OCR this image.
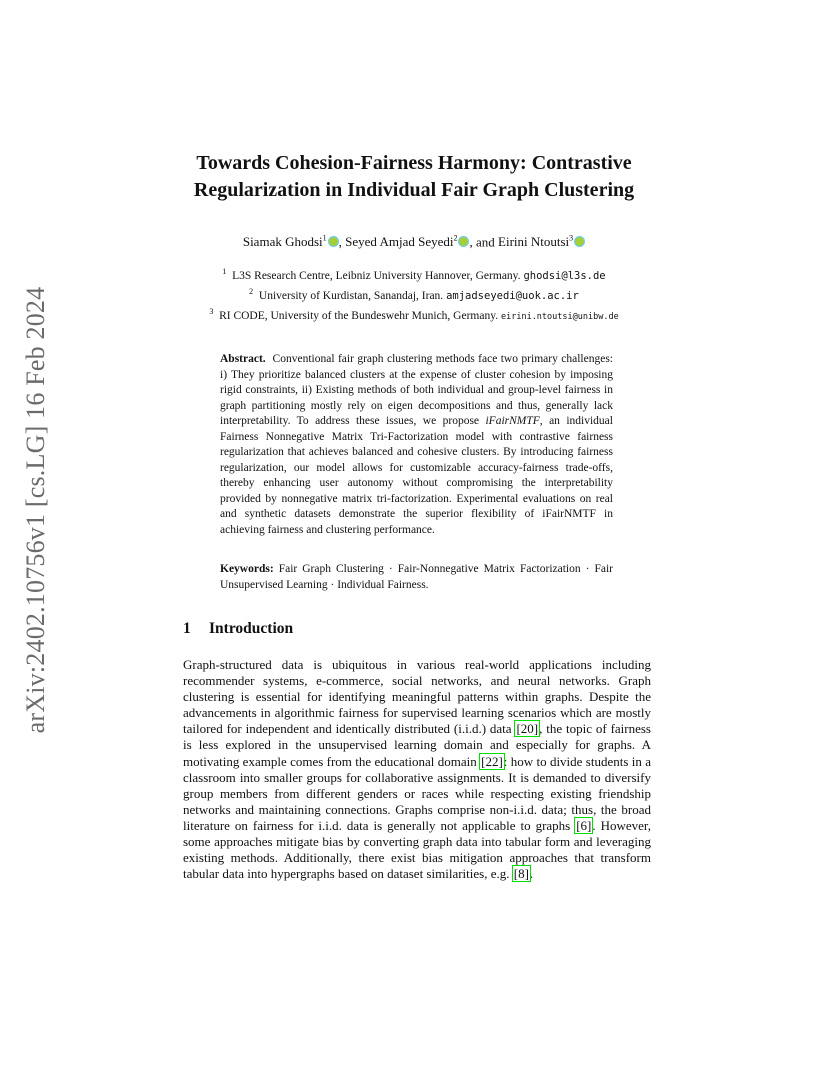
arXiv:2402.10756v1 [cs.LG] 16 Feb 2024
Towards Cohesion-Fairness Harmony: Contrastive
Regularization in Individual Fair Graph Clustering
Siamak Ghodsi$^1$ , Seyed Amjad Seyedi$^2$ , and Eirini Ntoutsi$^3$
$^1$ L3S Research Centre, Leibniz University Hannover, Germany. ghodsi@l3s.de
$^2$ University of Kurdistan, Sanandaj, Iran. amjadseyedi@uok.ac.ir
$^3$ RI CODE, University of the Bundeswehr Munich, Germany. eirini.ntoutsi@unibw.de
Abstract. Conventional fair graph clustering methods face two primary challenges: i) They prioritize balanced clusters at the expense of cluster cohesion by imposing rigid constraints, ii) Existing methods of both individual and group-level fairness in graph partitioning mostly rely on eigen decompositions and thus, generally lack interpretability. To address these issues, we propose iFairNMTF, an individual Fairness Nonnegative Matrix Tri-Factorization model with contrastive fairness regularization that achieves balanced and cohesive clusters. By introducing fairness regularization, our model allows for customizable accuracy-fairness trade-offs, thereby enhancing user autonomy without compromising the interpretability provided by nonnegative matrix tri-factorization. Experimental evaluations on real and synthetic datasets demonstrate the superior flexibility of iFairNMTF in achieving fairness and clustering performance.
Keywords: Fair Graph Clustering · Fair-Nonnegative Matrix Factorization · Fair Unsupervised Learning · Individual Fairness.
1 Introduction
Graph-structured data is ubiquitous in various real-world applications including recommender systems, e-commerce, social networks, and neural networks. Graph clustering is essential for identifying meaningful patterns within graphs. Despite the advancements in algorithmic fairness for supervised learning scenarios which are mostly tailored for independent and identically distributed (i.i.d.) data [20], the topic of fairness is less explored in the unsupervised learning domain and especially for graphs. A motivating example comes from the educational domain [22]: how to divide students in a classroom into smaller groups for collaborative assignments. It is demanded to diversify group members from different genders or races while respecting existing friendship networks and maintaining connections. Graphs comprise non-i.i.d. data; thus, the broad literature on fairness for i.i.d. data is generally not applicable to graphs [6]. However, some approaches mitigate bias by converting graph data into tabular form and leveraging existing methods. Additionally, there exist bias mitigation approaches that transform tabular data into hypergraphs based on dataset similarities, e.g. [8].
